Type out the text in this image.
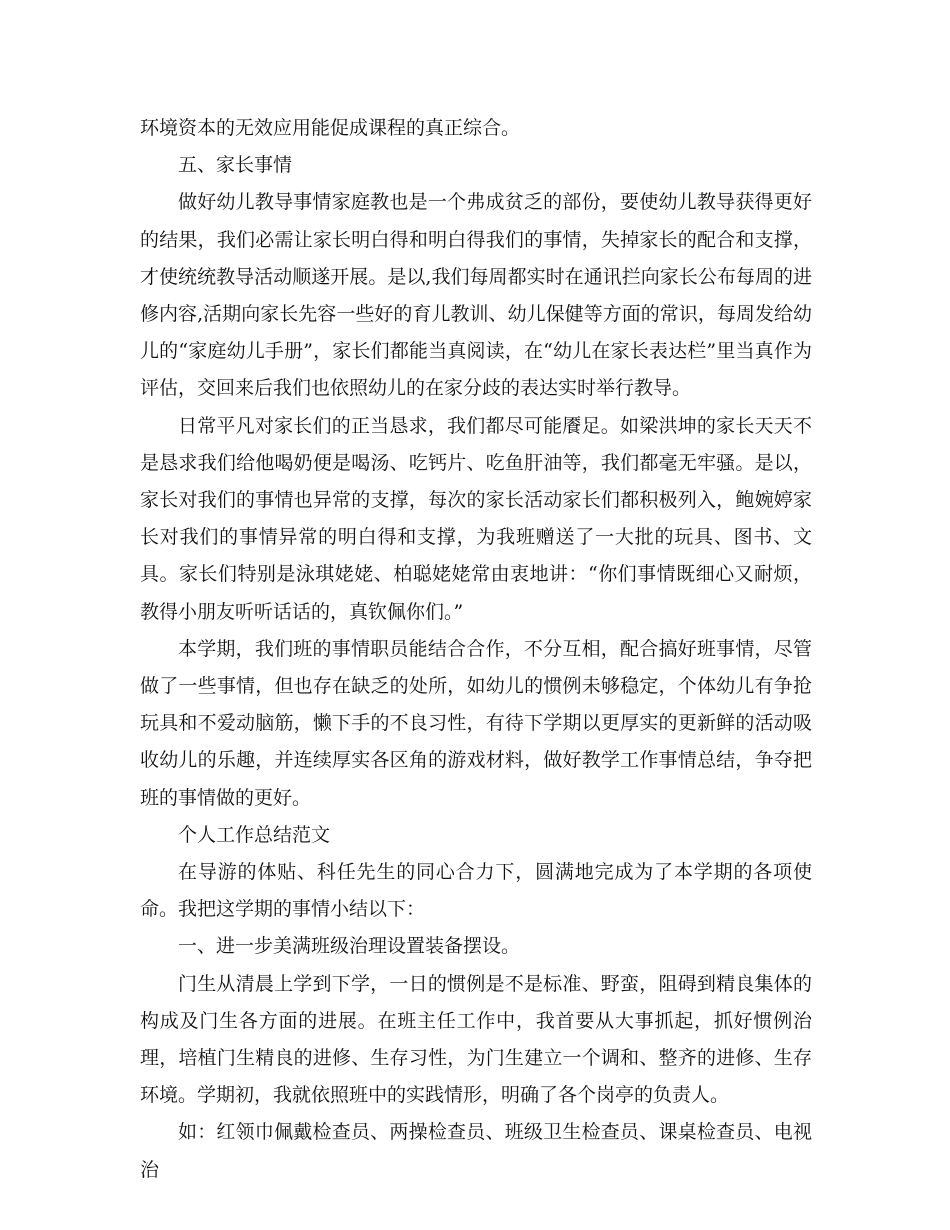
环境资本的无效应用能促成课程的真正综合。

五、家长事情

做好幼儿教导事情家庭教也是一个弗成贫乏的部份，要使幼儿教导获得更好的结果，我们必需让家长明白得和明白得我们的事情，失掉家长的配合和支撑，才使统统教导活动顺遂开展。是以,我们每周都实时在通讯拦向家长公布每周的进修内容,活期向家长先容一些好的育儿教训、幼儿保健等方面的常识，每周发给幼儿的“家庭幼儿手册”，家长们都能当真阅读，在“幼儿在家长表达栏”里当真作为评估，交回来后我们也依照幼儿的在家分歧的表达实时举行教导。

日常平凡对家长们的正当恳求，我们都尽可能餍足。如梁洪坤的家长天天不是恳求我们给他喝奶便是喝汤、吃钙片、吃鱼肝油等，我们都毫无牢骚。是以，家长对我们的事情也异常的支撑，每次的家长活动家长们都积极列入，鲍婉婷家长对我们的事情异常的明白得和支撑，为我班赠送了一大批的玩具、图书、文具。家长们特别是泳琪姥姥、柏聪姥姥常由衷地讲：“你们事情既细心又耐烦，教得小朋友听听话话的，真钦佩你们。”

本学期，我们班的事情职员能结合合作，不分互相，配合搞好班事情，尽管做了一些事情，但也存在缺乏的处所，如幼儿的惯例未够稳定，个体幼儿有争抢玩具和不爱动脑筋，懒下手的不良习性，有待下学期以更厚实的更新鲜的活动吸收幼儿的乐趣，并连续厚实各区角的游戏材料，做好教学工作事情总结，争夺把班的事情做的更好。

个人工作总结范文

在导游的体贴、科任先生的同心合力下，圆满地完成为了本学期的各项使命。我把这学期的事情小结以下：

一、进一步美满班级治理设置装备摆设。

门生从清晨上学到下学，一日的惯例是不是标准、野蛮，阻碍到精良集体的构成及门生各方面的进展。在班主任工作中，我首要从大事抓起，抓好惯例治理，培植门生精良的进修、生存习性，为门生建立一个调和、整齐的进修、生存环境。学期初，我就依照班中的实践情形，明确了各个岗亭的负责人。

如：红领巾佩戴检查员、两操检查员、班级卫生检查员、课桌检查员、电视治
